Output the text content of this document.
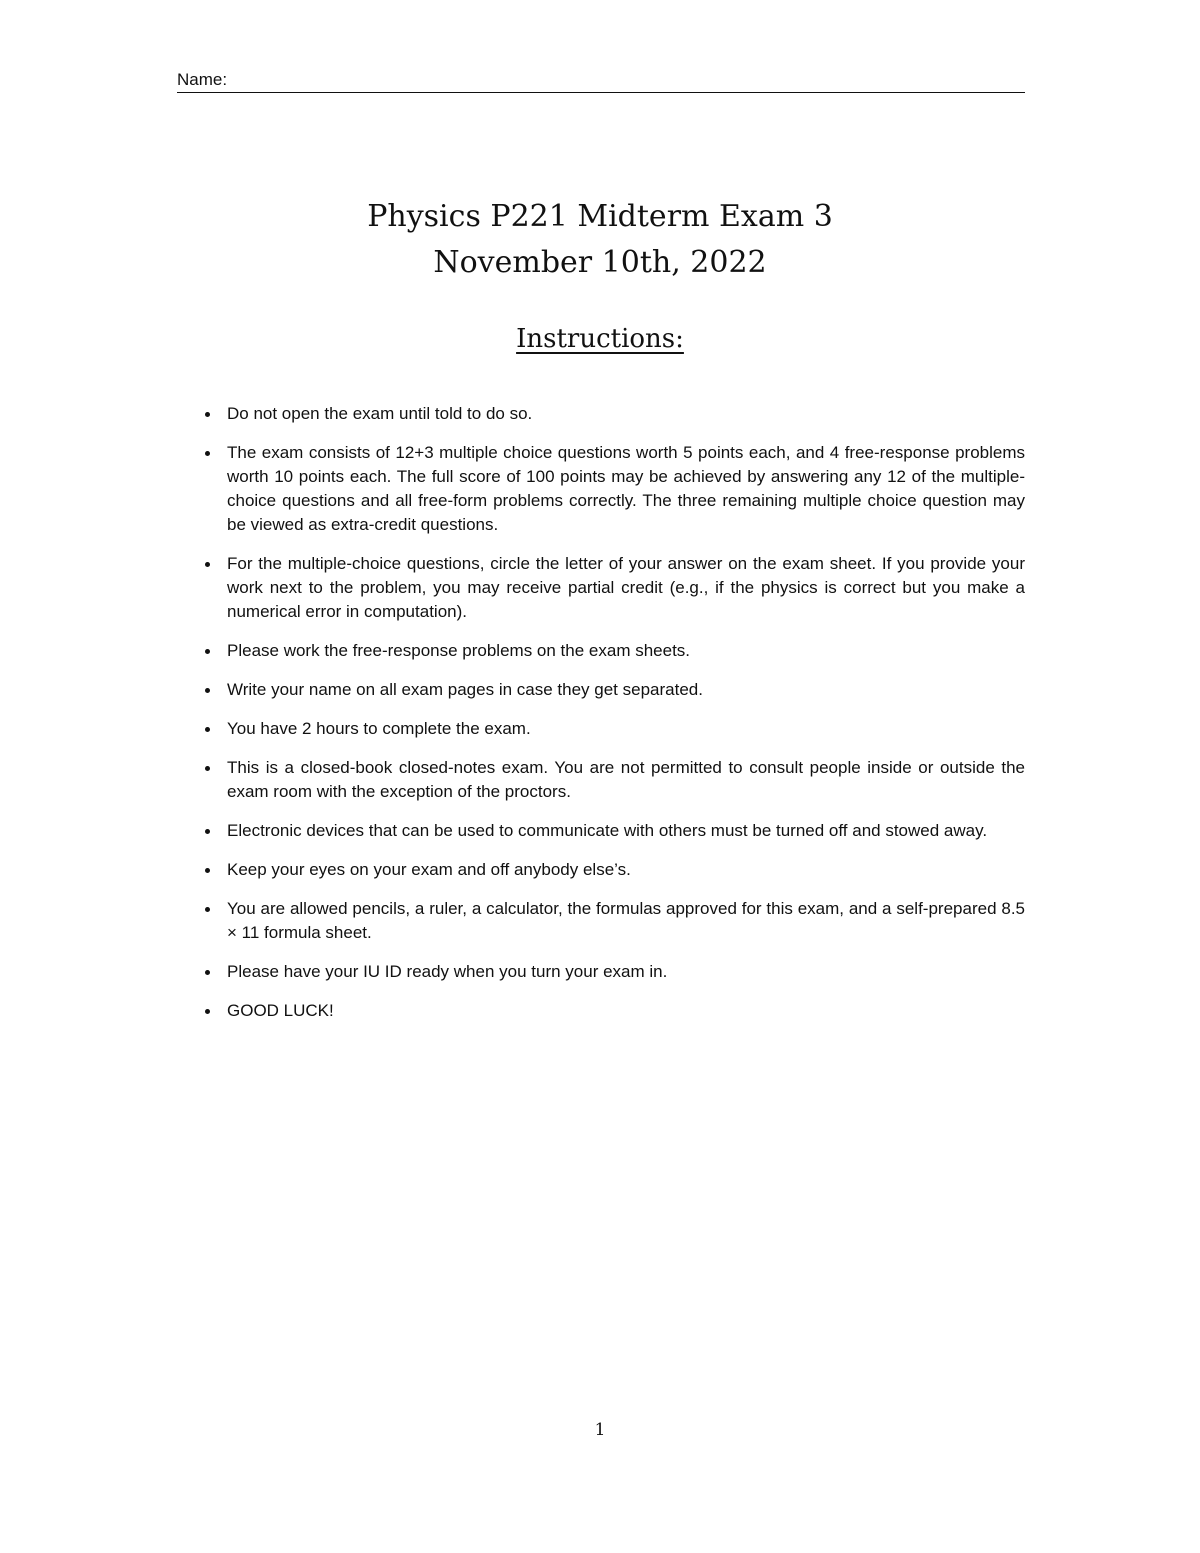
Name:

Physics P221 Midterm Exam 3

November 10th, 2022

Instructions:
Do not open the exam until told to do so.
The exam consists of 12+3 multiple choice questions worth 5 points each, and 4 free-response problems worth 10 points each. The full score of 100 points may be achieved by answering any 12 of the multiple-choice questions and all free-form problems correctly. The three remaining multiple choice question may be viewed as extra-credit questions.
For the multiple-choice questions, circle the letter of your answer on the exam sheet. If you provide your work next to the problem, you may receive partial credit (e.g., if the physics is correct but you make a numerical error in computation).
Please work the free-response problems on the exam sheets.
Write your name on all exam pages in case they get separated.
You have 2 hours to complete the exam.
This is a closed-book closed-notes exam. You are not permitted to consult people inside or outside the exam room with the exception of the proctors.
Electronic devices that can be used to communicate with others must be turned off and stowed away.
Keep your eyes on your exam and off anybody else’s.
You are allowed pencils, a ruler, a calculator, the formulas approved for this exam, and a self-prepared 8.5 × 11 formula sheet.
Please have your IU ID ready when you turn your exam in.
GOOD LUCK!
1
